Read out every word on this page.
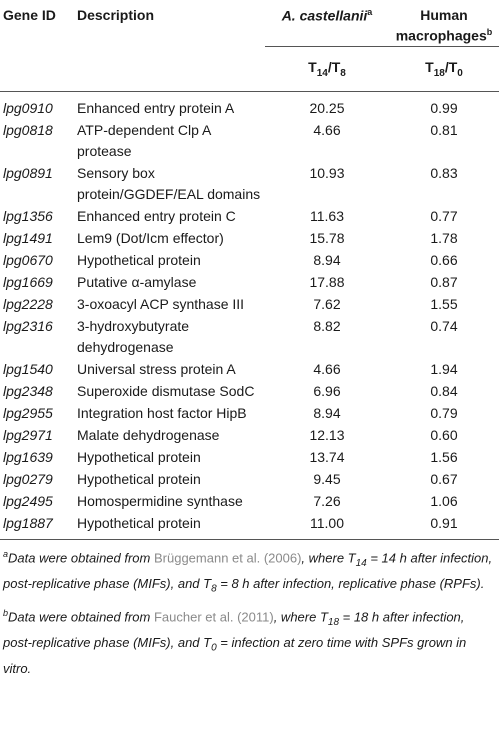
Gene ID	Description	A. castellanii$^a$	Human
macrophages$^b$
		$T_{14}/T_8$	$T_{18}/T_0$
lpg0910	Enhanced entry protein A	20.25	0.99
lpg0818	ATP-dependent Clp A protease	4.66	0.81
lpg0891	Sensory box protein/GGDEF/EAL domains	10.93	0.83
lpg1356	Enhanced entry protein C	11.63	0.77
lpg1491	Lem9 (Dot/Icm effector)	15.78	1.78
lpg0670	Hypothetical protein	8.94	0.66
lpg1669	Putative α-amylase	17.88	0.87
lpg2228	3-oxoacyl ACP synthase III	7.62	1.55
lpg2316	3-hydroxybutyrate dehydrogenase	8.82	0.74
lpg1540	Universal stress protein A	4.66	1.94
lpg2348	Superoxide dismutase SodC	6.96	0.84
lpg2955	Integration host factor HipB	8.94	0.79
lpg2971	Malate dehydrogenase	12.13	0.60
lpg1639	Hypothetical protein	13.74	1.56
lpg0279	Hypothetical protein	9.45	0.67
lpg2495	Homospermidine synthase	7.26	1.06
lpg1887	Hypothetical protein	11.00	0.91

$^a$Data were obtained from Brüggemann et al. (2006), where $T_{14} = 14$ h after infection, post-replicative phase (MIFs), and $T_8 = 8$ h after infection, replicative phase (RPFs).

$^b$Data were obtained from Faucher et al. (2011), where $T_{18} = 18$ h after infection, post-replicative phase (MIFs), and $T_0$ = infection at zero time with SPFs grown in vitro.
